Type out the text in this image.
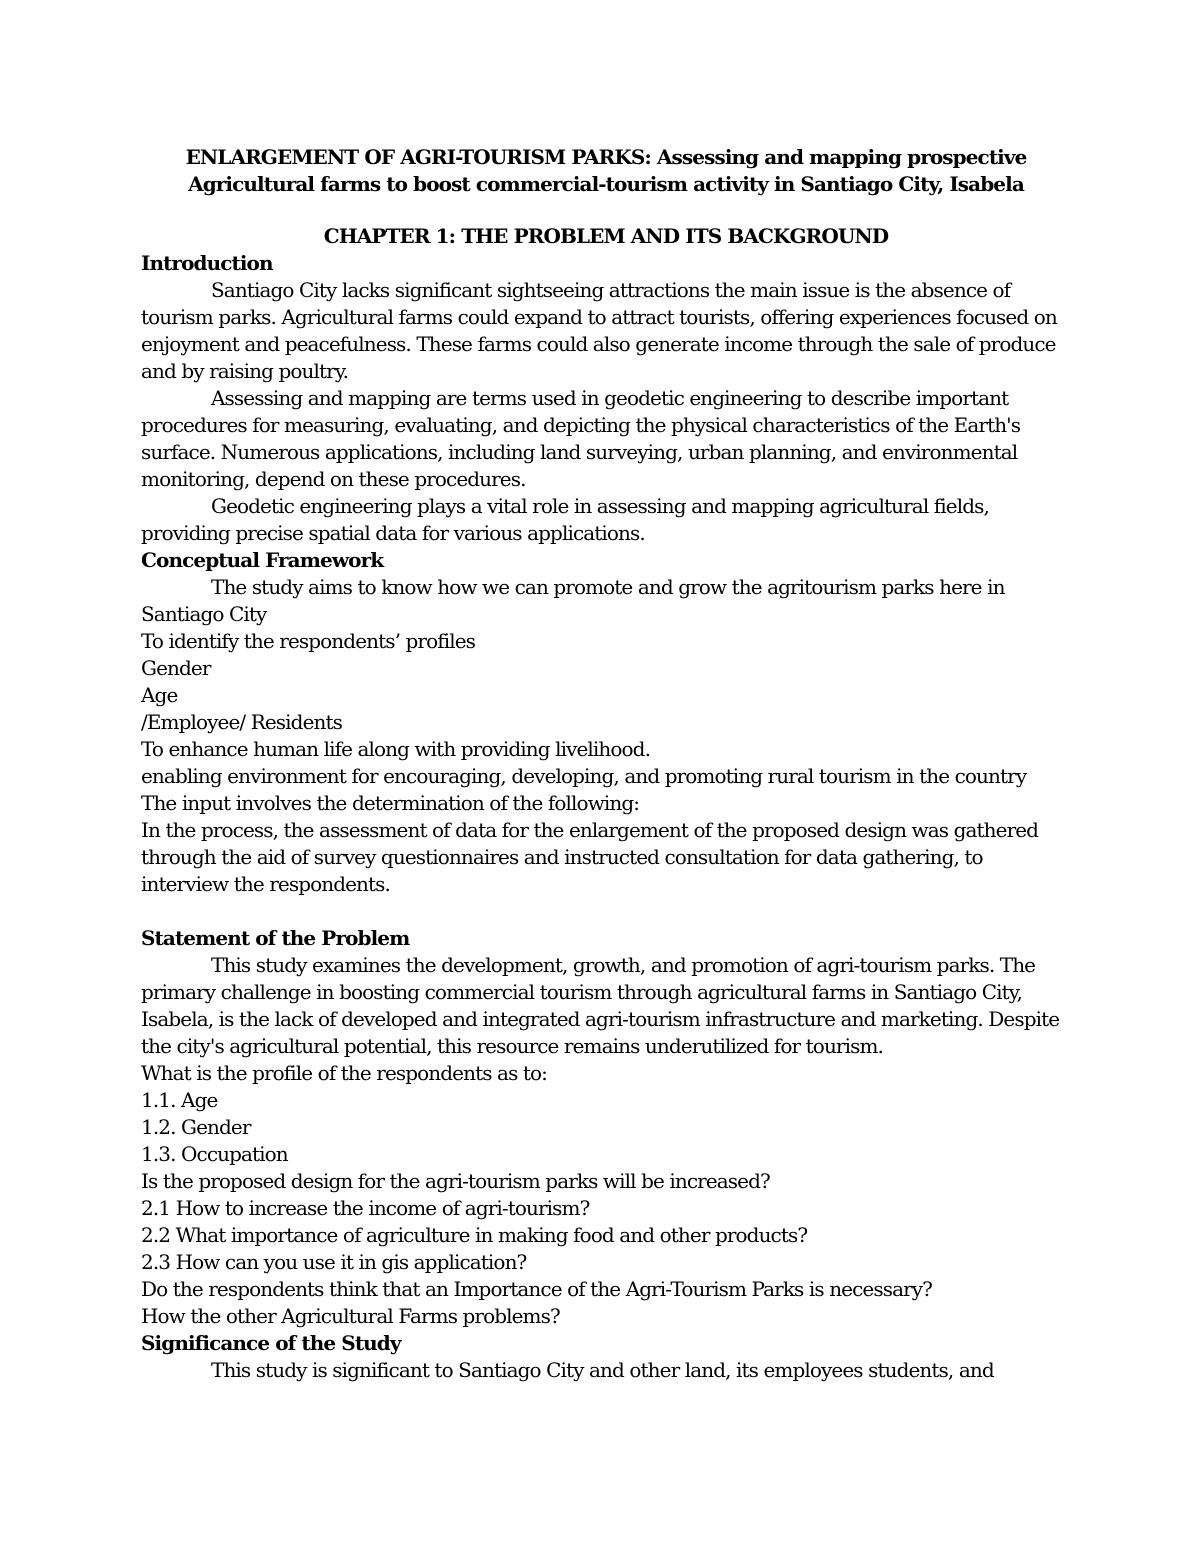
ENLARGEMENT OF AGRI-TOURISM PARKS: Assessing and mapping prospective

Agricultural farms to boost commercial-tourism activity in Santiago City, Isabela

CHAPTER 1: THE PROBLEM AND ITS BACKGROUND

Introduction

Santiago City lacks significant sightseeing attractions the main issue is the absence of tourism parks. Agricultural farms could expand to attract tourists, offering experiences focused on enjoyment and peacefulness. These farms could also generate income through the sale of produce and by raising poultry.

Assessing and mapping are terms used in geodetic engineering to describe important procedures for measuring, evaluating, and depicting the physical characteristics of the Earth's surface. Numerous applications, including land surveying, urban planning, and environmental monitoring, depend on these procedures.

Geodetic engineering plays a vital role in assessing and mapping agricultural fields, providing precise spatial data for various applications.

Conceptual Framework

The study aims to know how we can promote and grow the agritourism parks here in Santiago City

To identify the respondents’ profiles

Gender

Age

/Employee/ Residents

To enhance human life along with providing livelihood.

enabling environment for encouraging, developing, and promoting rural tourism in the country

The input involves the determination of the following:

In the process, the assessment of data for the enlargement of the proposed design was gathered through the aid of survey questionnaires and instructed consultation for data gathering, to interview the respondents.

Statement of the Problem

This study examines the development, growth, and promotion of agri-tourism parks. The primary challenge in boosting commercial tourism through agricultural farms in Santiago City, Isabela, is the lack of developed and integrated agri-tourism infrastructure and marketing. Despite the city's agricultural potential, this resource remains underutilized for tourism.

What is the profile of the respondents as to:

1.1. Age

1.2. Gender

1.3. Occupation

Is the proposed design for the agri-tourism parks will be increased?

2.1 How to increase the income of agri-tourism?

2.2 What importance of agriculture in making food and other products?

2.3 How can you use it in gis application?

Do the respondents think that an Importance of the Agri-Tourism Parks is necessary?

How the other Agricultural Farms problems?

Significance of the Study

This study is significant to Santiago City and other land, its employees students, and
